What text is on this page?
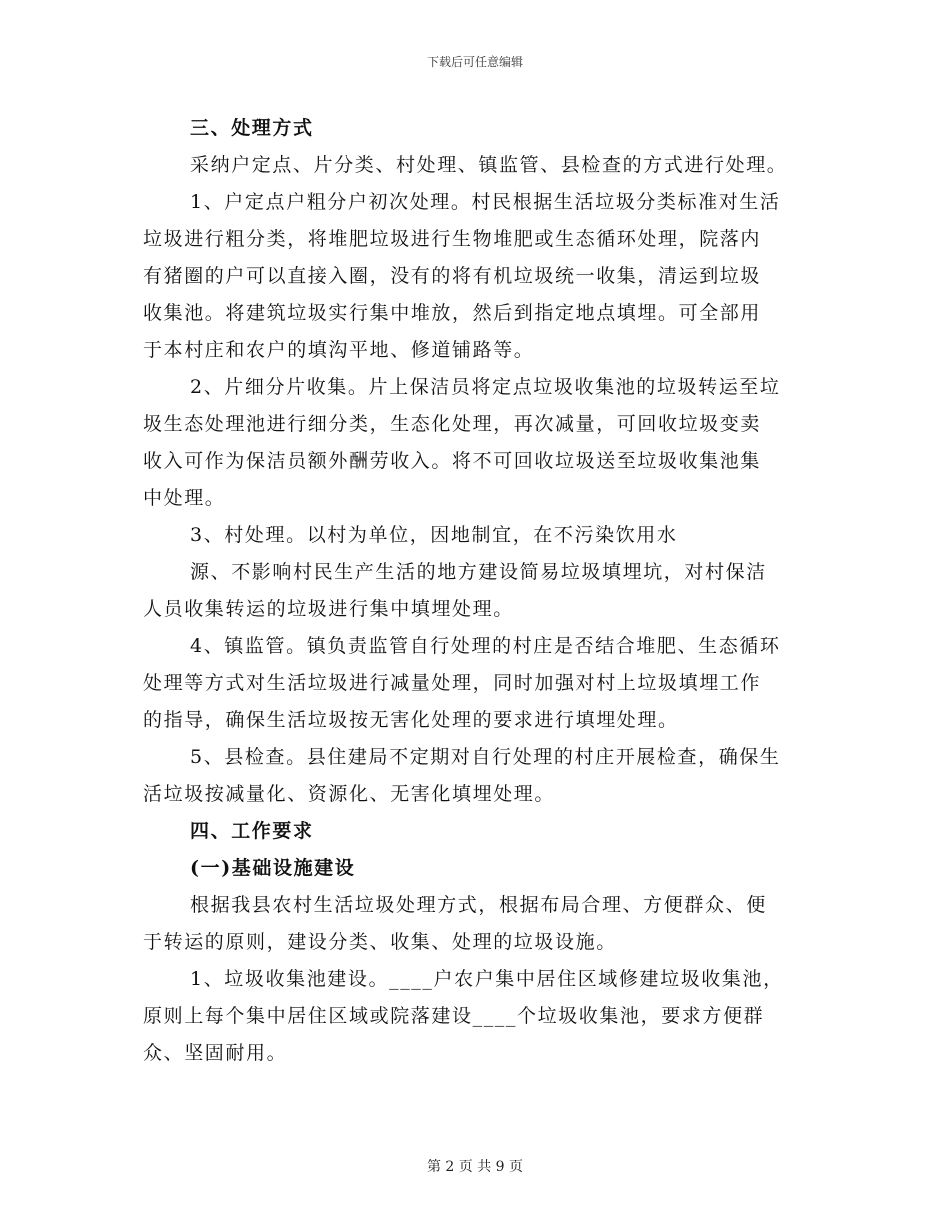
下载后可任意编辑
三、处理方式
采纳户定点、片分类、村处理、镇监管、县检查的方式进行处理。
1、户定点户粗分户初次处理。村民根据生活垃圾分类标准对生活
垃圾进行粗分类，将堆肥垃圾进行生物堆肥或生态循环处理，院落内
有猪圈的户可以直接入圈，没有的将有机垃圾统一收集，清运到垃圾
收集池。将建筑垃圾实行集中堆放，然后到指定地点填埋。可全部用
于本村庄和农户的填沟平地、修道铺路等。
2、片细分片收集。片上保洁员将定点垃圾收集池的垃圾转运至垃
圾生态处理池进行细分类，生态化处理，再次减量，可回收垃圾变卖
收入可作为保洁员额外酬劳收入。将不可回收垃圾送至垃圾收集池集
中处理。
3、村处理。以村为单位，因地制宜，在不污染饮用水
源、不影响村民生产生活的地方建设简易垃圾填埋坑，对村保洁
人员收集转运的垃圾进行集中填埋处理。
4、镇监管。镇负责监管自行处理的村庄是否结合堆肥、生态循环
处理等方式对生活垃圾进行减量处理，同时加强对村上垃圾填埋工作
的指导，确保生活垃圾按无害化处理的要求进行填埋处理。
5、县检查。县住建局不定期对自行处理的村庄开展检查，确保生
活垃圾按减量化、资源化、无害化填埋处理。
四、工作要求
(一)基础设施建设
根据我县农村生活垃圾处理方式，根据布局合理、方便群众、便
于转运的原则，建设分类、收集、处理的垃圾设施。
1、垃圾收集池建设。____户农户集中居住区域修建垃圾收集池，
原则上每个集中居住区域或院落建设____个垃圾收集池，要求方便群
众、坚固耐用。
第 2 页 共 9 页
